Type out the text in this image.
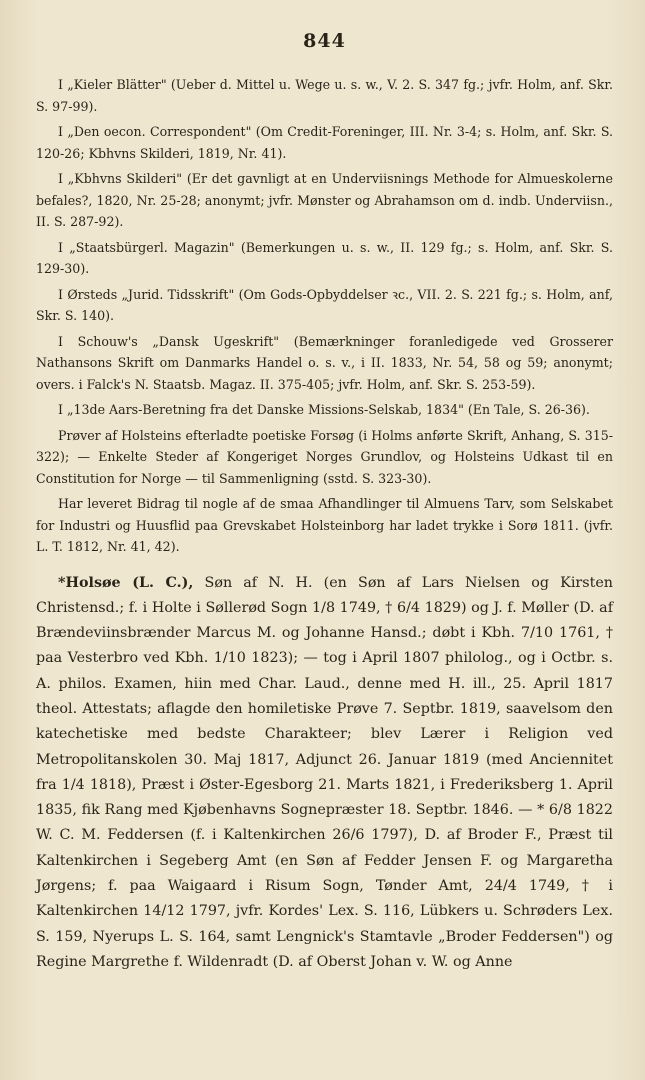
844

I „Kieler Blätter" (Ueber d. Mittel u. Wege u. s. w., V. 2. S. 347 fg.; jvfr. Holm, anf. Skr. S. 97-99).

I „Den oecon. Correspondent" (Om Credit-Foreninger, III. Nr. 3-4; s. Holm, anf. Skr. S. 120-26; Kbhvns Skilderi, 1819, Nr. 41).

I „Kbhvns Skilderi" (Er det gavnligt at en Underviisnings Methode for Almueskolerne befales?, 1820, Nr. 25-28; anonymt; jvfr. Mønster og Abrahamson om d. indb. Underviisn., II. S. 287-92).

I „Staatsbürgerl. Magazin" (Bemerkungen u. s. w., II. 129 fg.; s. Holm, anf. Skr. S. 129-30).

I Ørsteds „Jurid. Tidsskrift" (Om Gods-Opbyddelser ꝛc., VII. 2. S. 221 fg.; s. Holm, anf, Skr. S. 140).

I Schouw's „Dansk Ugeskrift" (Bemærkninger foranledigede ved Grosserer Nathansons Skrift om Danmarks Handel o. s. v., i II. 1833, Nr. 54, 58 og 59; anonymt; overs. i Falck's N. Staatsb. Magaz. II. 375-405; jvfr. Holm, anf. Skr. S. 253-59).

I „13de Aars-Beretning fra det Danske Missions-Selskab, 1834" (En Tale, S. 26-36).

Prøver af Holsteins efterladte poetiske Forsøg (i Holms anførte Skrift, Anhang, S. 315-322); — Enkelte Steder af Kongeriget Norges Grundlov, og Holsteins Udkast til en Constitution for Norge — til Sammenligning (sstd. S. 323-30).

Har leveret Bidrag til nogle af de smaa Afhandlinger til Almuens Tarv, som Selskabet for Industri og Huusflid paa Grevskabet Holsteinborg har ladet trykke i Sorø 1811. (jvfr. L. T. 1812, Nr. 41, 42).

*Holsøe (L. C.), Søn af N. H. (en Søn af Lars Nielsen og Kirsten Christensd.; f. i Holte i Søllerød Sogn 1/8 1749, † 6/4 1829) og J. f. Møller (D. af Brændeviinsbrænder Marcus M. og Johanne Hansd.; døbt i Kbh. 7/10 1761, † paa Vesterbro ved Kbh. 1/10 1823); — tog i April 1807 philolog., og i Octbr. s. A. philos. Examen, hiin med Char. Laud., denne med H. ill., 25. April 1817 theol. Attestats; aflagde den homiletiske Prøve 7. Septbr. 1819, saavelsom den katechetiske med bedste Charakteer; blev Lærer i Religion ved Metropolitanskolen 30. Maj 1817, Adjunct 26. Januar 1819 (med Anciennitet fra 1/4 1818), Præst i Øster-Egesborg 21. Marts 1821, i Frederiksberg 1. April 1835, fik Rang med Kjøbenhavns Sognepræster 18. Septbr. 1846. — * 6/8 1822 W. C. M. Feddersen (f. i Kaltenkirchen 26/6 1797), D. af Broder F., Præst til Kaltenkirchen i Segeberg Amt (en Søn af Fedder Jensen F. og Margaretha Jørgens; f. paa Waigaard i Risum Sogn, Tønder Amt, 24/4 1749, † i Kaltenkirchen 14/12 1797, jvfr. Kordes' Lex. S. 116, Lübkers u. Schrøders Lex. S. 159, Nyerups L. S. 164, samt Lengnick's Stamtavle „Broder Feddersen") og Regine Margrethe f. Wildenradt (D. af Oberst Johan v. W. og Anne
